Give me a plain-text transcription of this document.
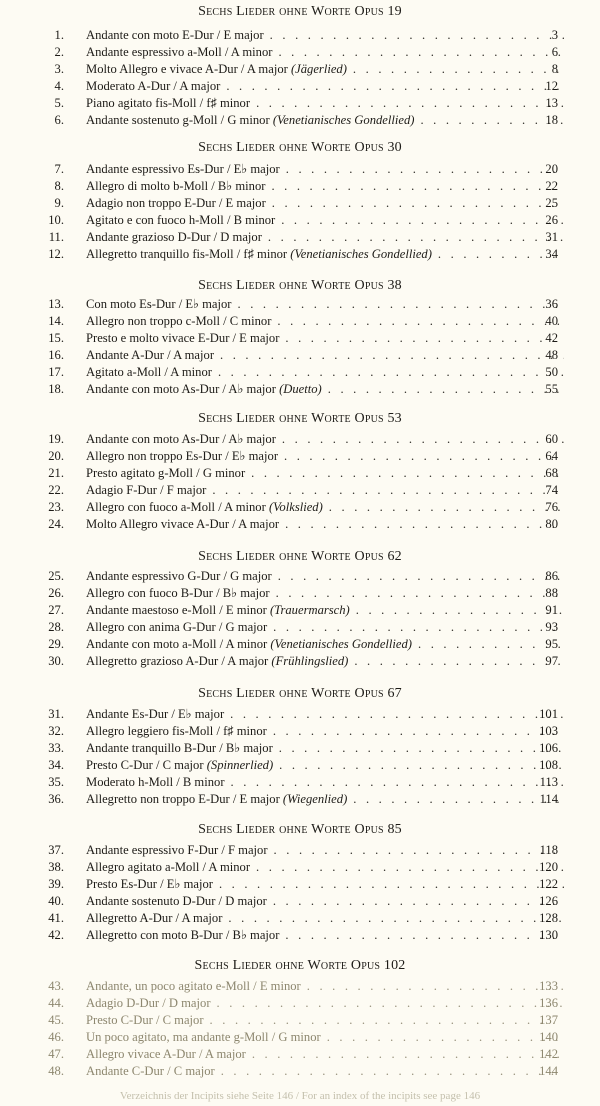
Sechs Lieder ohne Worte Opus 19
1. Andante con moto E-Dur / E major . . .	3
2. Andante espressivo a-Moll / A minor . . .	6
3. Molto Allegro e vivace A-Dur / A major (Jägerlied) . . .	8
4. Moderato A-Dur / A major . . .	12
5. Piano agitato fis-Moll / f♯ minor . . .	13
6. Andante sostenuto g-Moll / G minor (Venetianisches Gondellied) . . .	18
Sechs Lieder ohne Worte Opus 30
7. Andante espressivo Es-Dur / E♭ major . . .	20
8. Allegro di molto b-Moll / B♭ minor . . .	22
9. Adagio non troppo E-Dur / E major . . .	25
10. Agitato e con fuoco h-Moll / B minor . . .	26
11. Andante grazioso D-Dur / D major . . .	31
12. Allegretto tranquillo fis-Moll / f♯ minor (Venetianisches Gondellied) . . .	34
Sechs Lieder ohne Worte Opus 38
13. Con moto Es-Dur / E♭ major . . .	36
14. Allegro non troppo c-Moll / C minor . . .	40
15. Presto e molto vivace E-Dur / E major . . .	42
16. Andante A-Dur / A major . . .	48
17. Agitato a-Moll / A minor . . .	50
18. Andante con moto As-Dur / A♭ major (Duetto) . . .	55
Sechs Lieder ohne Worte Opus 53
19. Andante con moto As-Dur / A♭ major . . .	60
20. Allegro non troppo Es-Dur / E♭ major . . .	64
21. Presto agitato g-Moll / G minor . . .	68
22. Adagio F-Dur / F major . . .	74
23. Allegro con fuoco a-Moll / A minor (Volkslied) . . .	76
24. Molto Allegro vivace A-Dur / A major . . .	80
Sechs Lieder ohne Worte Opus 62
25. Andante espressivo G-Dur / G major . . .	86
26. Allegro con fuoco B-Dur / B♭ major . . .	88
27. Andante maestoso e-Moll / E minor (Trauermarsch) . . .	91
28. Allegro con anima G-Dur / G major . . .	93
29. Andante con moto a-Moll / A minor (Venetianisches Gondellied) . . .	95
30. Allegretto grazioso A-Dur / A major (Frühlingslied) . . .	97
Sechs Lieder ohne Worte Opus 67
31. Andante Es-Dur / E♭ major . . .	101
32. Allegro leggiero fis-Moll / f♯ minor . . .	103
33. Andante tranquillo B-Dur / B♭ major . . .	106
34. Presto C-Dur / C major (Spinnerlied) . . .	108
35. Moderato h-Moll / B minor . . .	113
36. Allegretto non troppo E-Dur / E major (Wiegenlied) . . .	114
Sechs Lieder ohne Worte Opus 85
37. Andante espressivo F-Dur / F major . . .	118
38. Allegro agitato a-Moll / A minor . . .	120
39. Presto Es-Dur / E♭ major . . .	122
40. Andante sostenuto D-Dur / D major . . .	126
41. Allegretto A-Dur / A major . . .	128
42. Allegretto con moto B-Dur / B♭ major . . .	130
Sechs Lieder ohne Worte Opus 102
43. Andante, un poco agitato e-Moll / E minor . . .	133
44. Adagio D-Dur / D major . . .	136
45. Presto C-Dur / C major . . .	137
46. Un poco agitato, ma andante g-Moll / G minor . . .	140
47. Allegro vivace A-Dur / A major . . .	142
48. Andante C-Dur / C major . . .	144
Verzeichnis der Incipits siehe Seite 146 / For an index of the incipits see page 146
